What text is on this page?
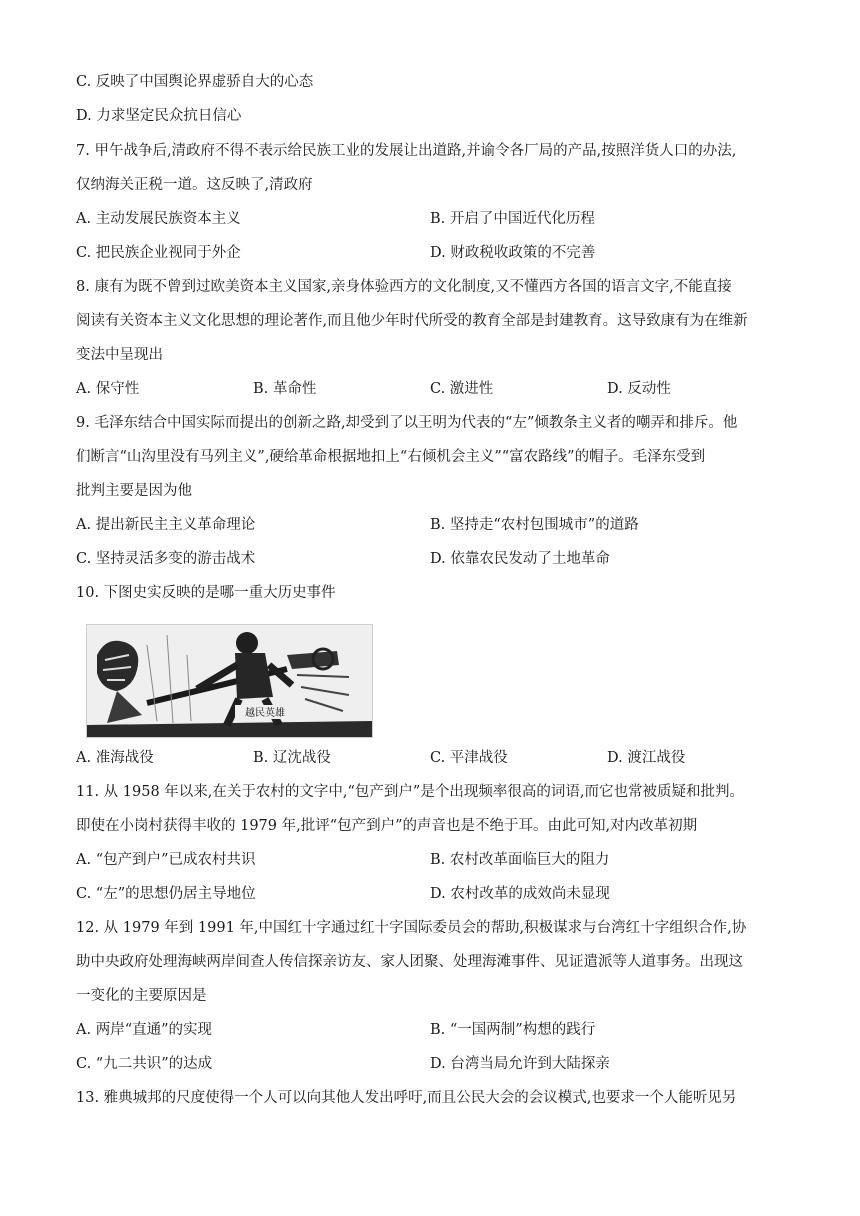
C. 反映了中国舆论界虚骄自大的心态
D. 力求坚定民众抗日信心
7. 甲午战争后,清政府不得不表示给民族工业的发展让出道路,并谕令各厂局的产品,按照洋货人口的办法,
仅纳海关正税一道。这反映了,清政府
A. 主动发展民族资本主义	B. 开启了中国近代化历程
C. 把民族企业视同于外企	D. 财政税收政策的不完善
8. 康有为既不曾到过欧美资本主义国家,亲身体验西方的文化制度,又不懂西方各国的语言文字,不能直接
阅读有关资本主义文化思想的理论著作,而且他少年时代所受的教育全部是封建教育。这导致康有为在维新
变法中呈现出
A. 保守性	B. 革命性	C. 激进性	D. 反动性
9. 毛泽东结合中国实际而提出的创新之路,却受到了以王明为代表的“左”倾教条主义者的嘲弄和排斥。他
们断言“山沟里没有马列主义”,硬给革命根据地扣上“右倾机会主义”“富农路线”的帽子。毛泽东受到
批判主要是因为他
A. 提出新民主主义革命理论	B. 坚持走“农村包围城市”的道路
C. 坚持灵活多变的游击战术	D. 依靠农民发动了土地革命
10. 下图史实反映的是哪一重大历史事件
越民英雄
A. 准海战役	B. 辽沈战役	C. 平津战役	D. 渡江战役
11. 从 1958 年以来,在关于农村的文字中,“包产到户”是个出现频率很高的词语,而它也常被质疑和批判。
即使在小岗村获得丰收的 1979 年,批评“包产到户”的声音也是不绝于耳。由此可知,对内改革初期
A. “包产到户”已成农村共识	B. 农村改革面临巨大的阻力
C. “左”的思想仍居主导地位	D. 农村改革的成效尚未显现
12. 从 1979 年到 1991 年,中国红十字通过红十字国际委员会的帮助,积极谋求与台湾红十字组织合作,协
助中央政府处理海峡两岸间查人传信探亲访友、家人团聚、处理海滩事件、见证遣派等人道事务。出现这
一变化的主要原因是
A. 两岸“直通”的实现	B. “一国两制”构想的践行
C. “九二共识”的达成	D. 台湾当局允许到大陆探亲
13. 雅典城邦的尺度使得一个人可以向其他人发出呼吁,而且公民大会的会议模式,也要求一个人能听见另
